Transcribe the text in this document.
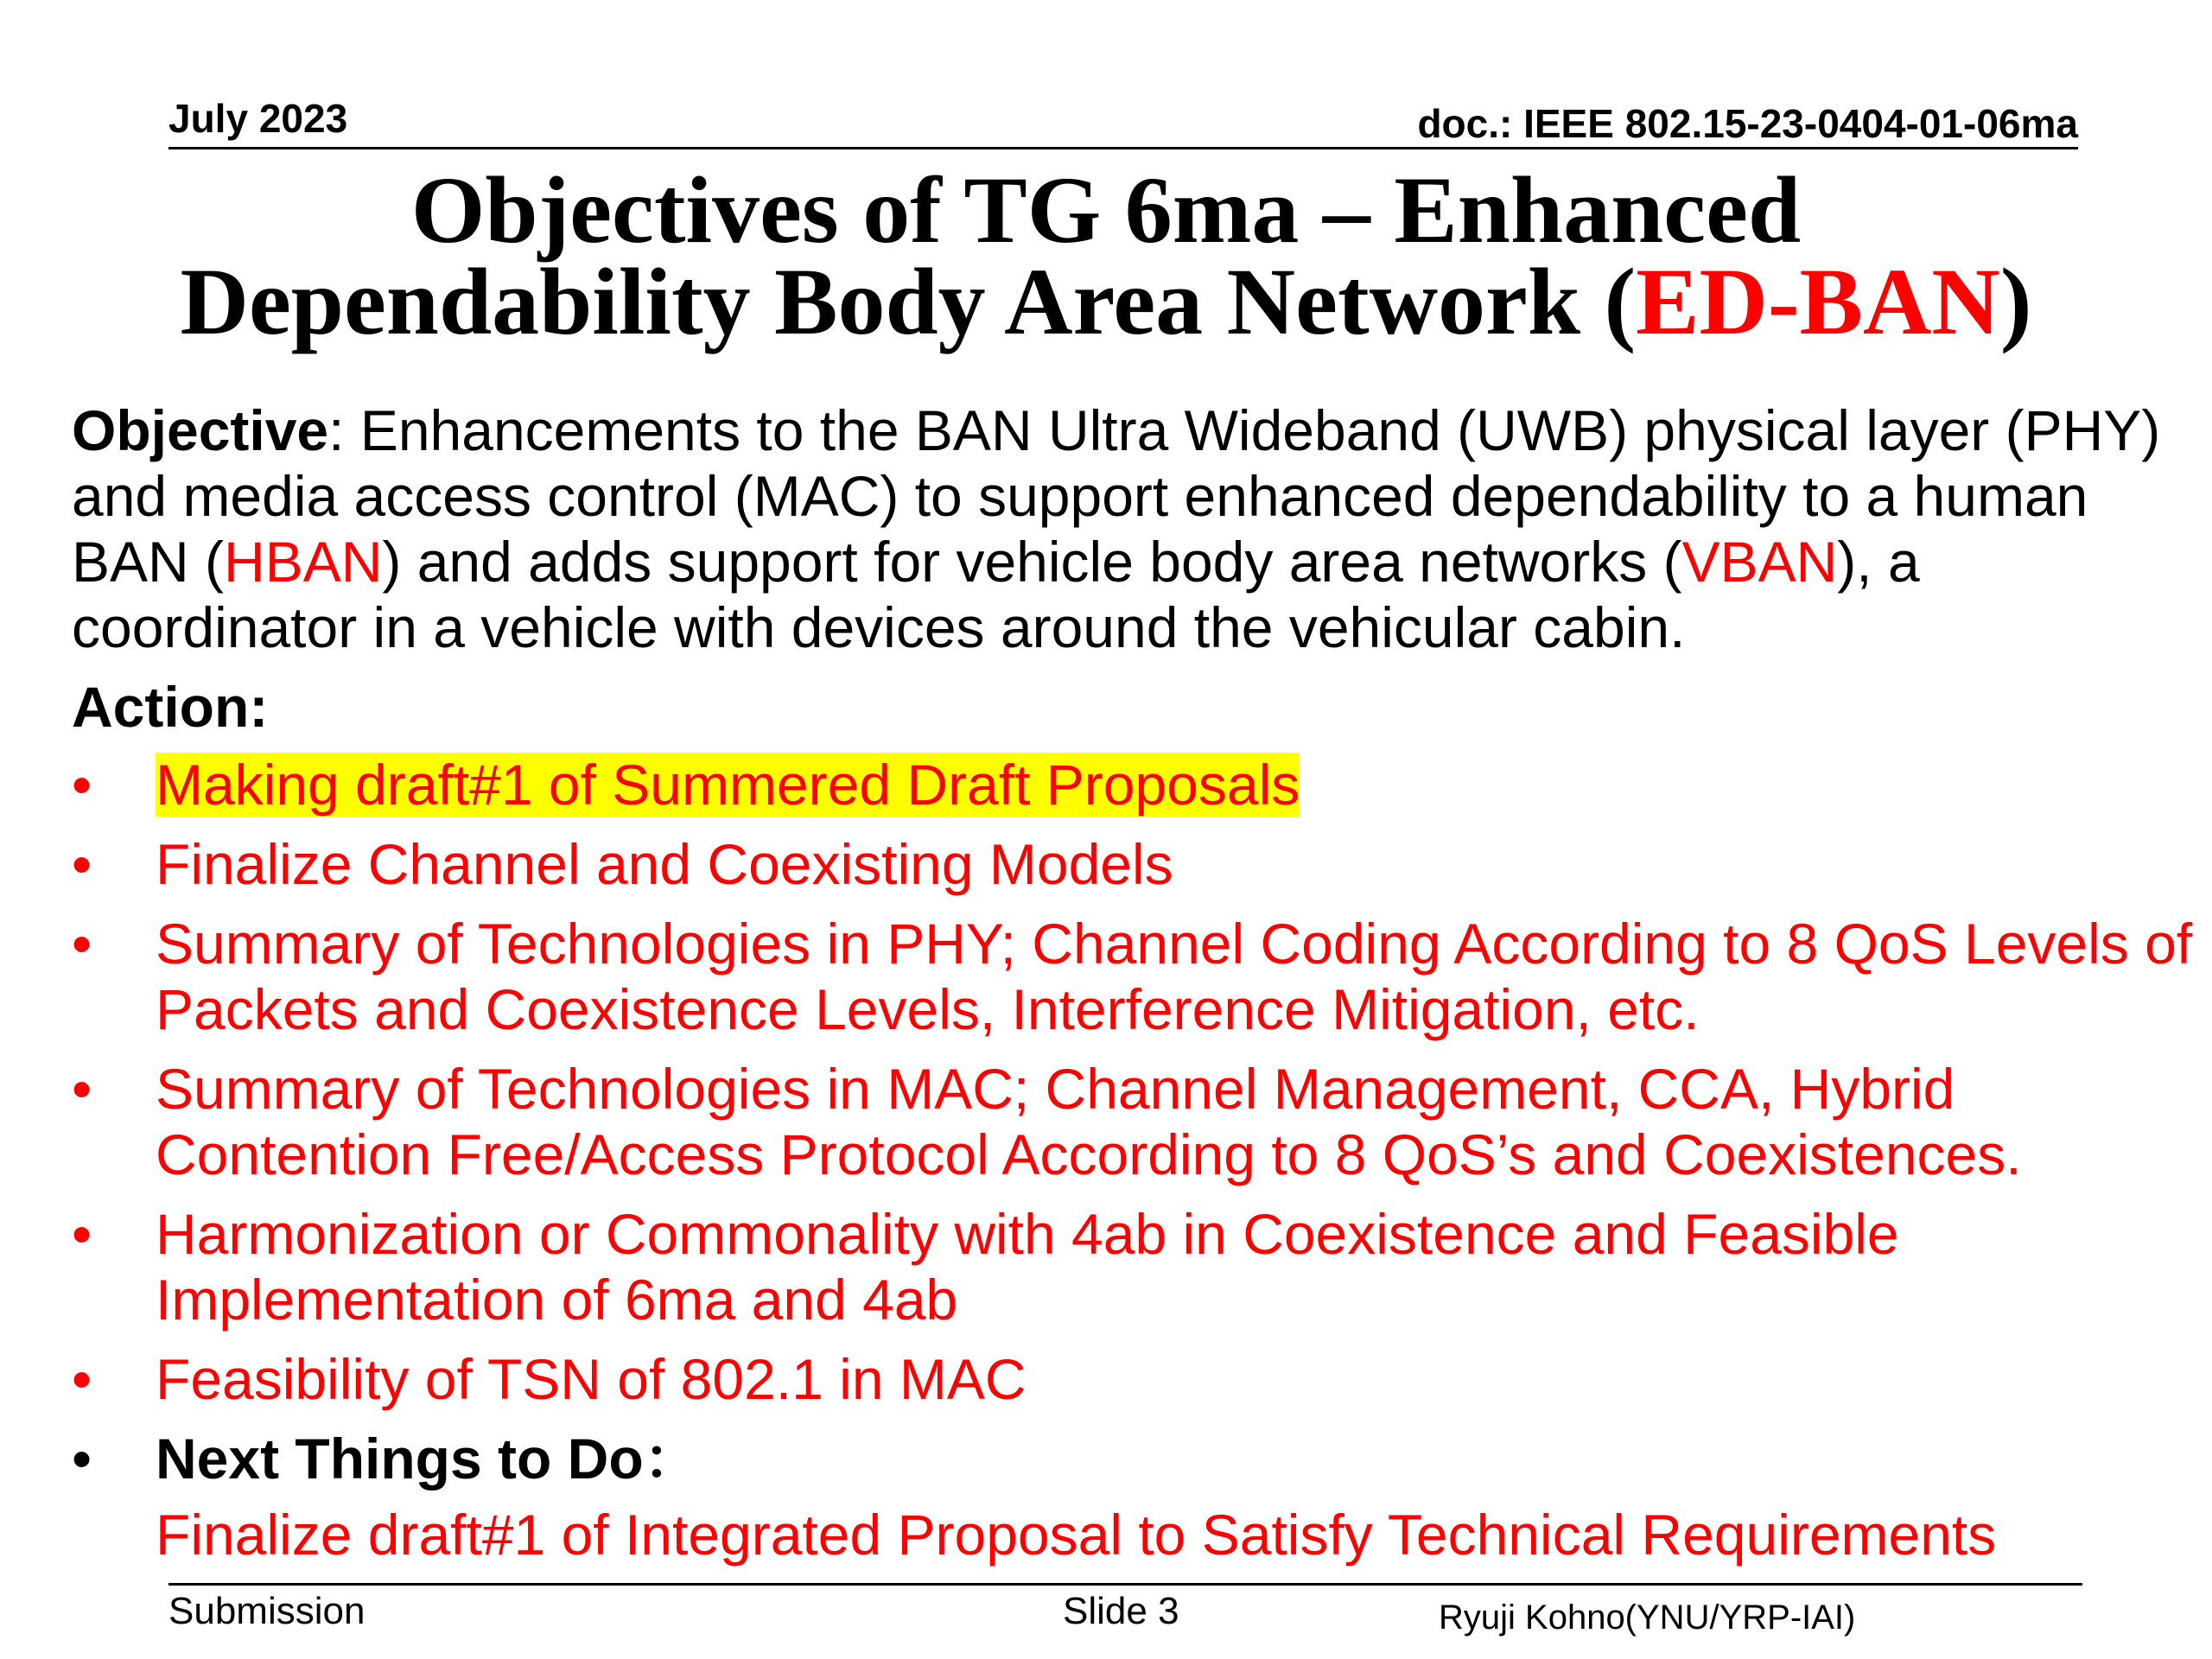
July 2023	doc.: IEEE 802.15-23-0404-01-06ma
Objectives of TG 6ma – Enhanced
Dependability Body Area Network (ED-BAN)
Objective: Enhancements to the BAN Ultra Wideband (UWB) physical layer (PHY) and media access control (MAC) to support enhanced dependability to a human BAN (HBAN) and adds support for vehicle body area networks (VBAN), a coordinator in a vehicle with devices around the vehicular cabin.
Action:
• Making draft#1 of Summered Draft Proposals
• Finalize Channel and Coexisting Models
• Summary of Technologies in PHY; Channel Coding According to 8 QoS Levels of Packets and Coexistence Levels, Interference Mitigation, etc.
• Summary of Technologies in MAC; Channel Management, CCA, Hybrid Contention Free/Access Protocol According to 8 QoS’s and Coexistences.
• Harmonization or Commonality with 4ab in Coexistence and Feasible Implementation of 6ma and 4ab
• Feasibility of TSN of 802.1 in MAC
• Next Things to Do：
Finalize draft#1 of Integrated Proposal to Satisfy Technical Requirements
Submission	Slide 3	Ryuji Kohno(YNU/YRP-IAI)
